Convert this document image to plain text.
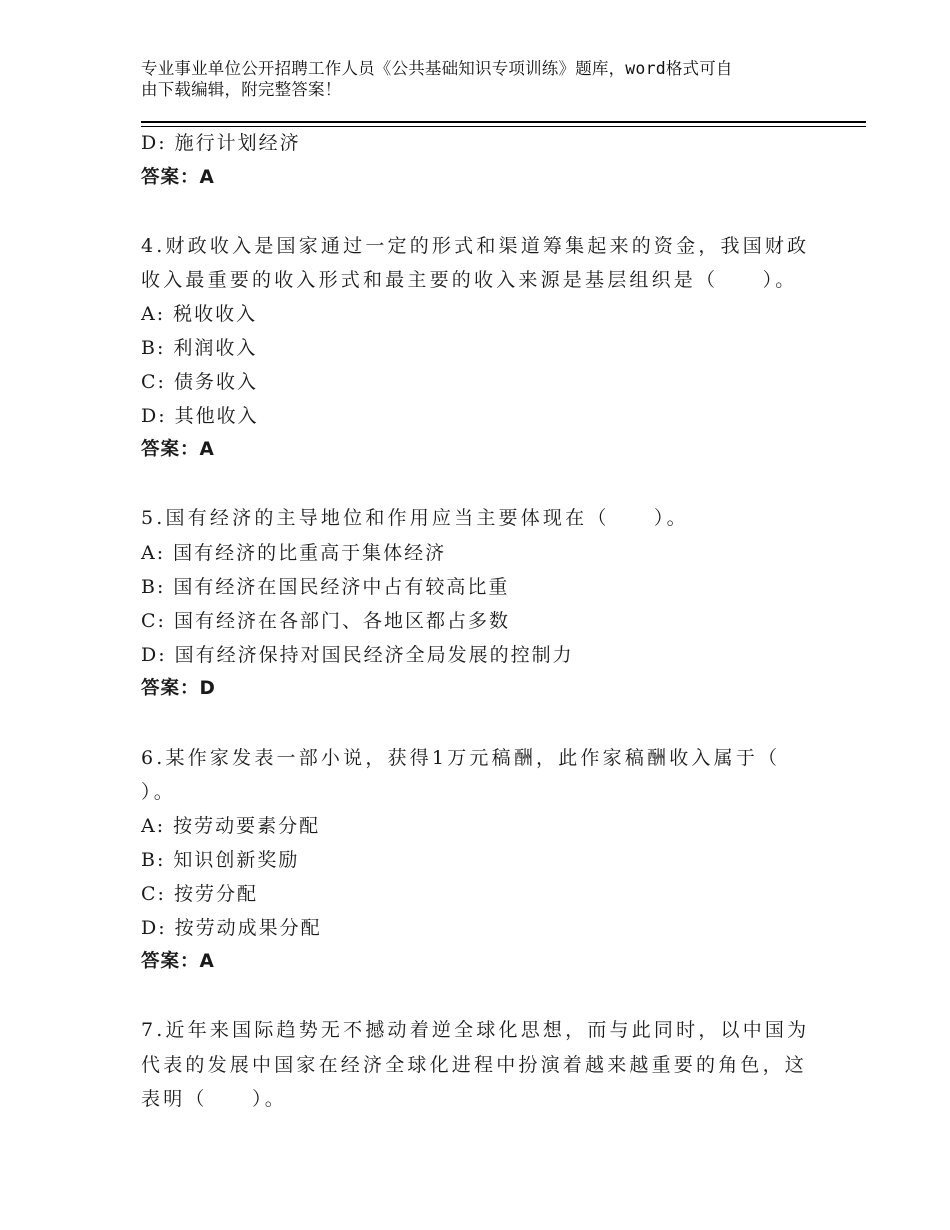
专业事业单位公开招聘工作人员《公共基础知识专项训练》题库，word格式可自
由下载编辑，附完整答案！
D: 施行计划经济
答案：A
4.财政收入是国家通过一定的形式和渠道筹集起来的资金，我国财政
收入最重要的收入形式和最主要的收入来源是基层组织是（　　）。
A: 税收收入
B: 利润收入
C: 债务收入
D: 其他收入
答案：A
5.国有经济的主导地位和作用应当主要体现在（　　）。
A: 国有经济的比重高于集体经济
B: 国有经济在国民经济中占有较高比重
C: 国有经济在各部门、各地区都占多数
D: 国有经济保持对国民经济全局发展的控制力
答案：D
6.某作家发表一部小说，获得1万元稿酬，此作家稿酬收入属于（
）。
A: 按劳动要素分配
B: 知识创新奖励
C: 按劳分配
D: 按劳动成果分配
答案：A
7.近年来国际趋势无不撼动着逆全球化思想，而与此同时，以中国为
代表的发展中国家在经济全球化进程中扮演着越来越重要的角色，这
表明（　　）。
